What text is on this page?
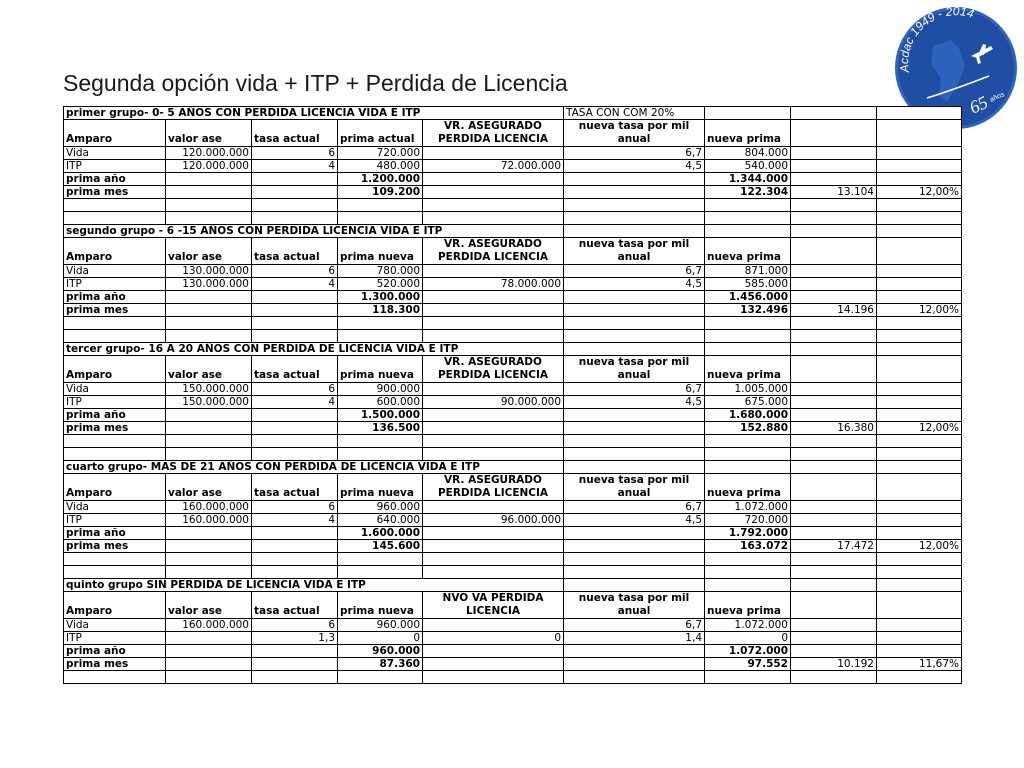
Segunda opción vida + ITP + Perdida de Licencia
Acdac 1949 - 2014
65
años
primer grupo- 0- 5 AÑOS CON PERDIDA LICENCIA VIDA E ITP					TASA CON COM 20%			
Amparo	valor ase	tasa actual	prima actual	VR. ASEGURADO PERDIDA LICENCIA	nueva tasa por mil anual	nueva prima		
Vida	120.000.000	6	720.000		6,7	804.000		
ITP	120.000.000	4	480.000	72.000.000	4,5	540.000		
prima año			1.200.000			1.344.000		
prima mes			109.200			122.304	13.104	12,00%

segundo grupo - 6 -15 AÑOS CON PERDIDA LICENCIA VIDA E ITP								
Amparo	valor ase	tasa actual	prima nueva	VR. ASEGURADO PERDIDA LICENCIA	nueva tasa por mil anual	nueva prima		
Vida	130.000.000	6	780.000		6,7	871.000		
ITP	130.000.000	4	520.000	78.000.000	4,5	585.000		
prima año			1.300.000			1.456.000		
prima mes			118.300			132.496	14.196	12,00%

tercer grupo- 16 A 20 AÑOS CON PERDIDA DE LICENCIA VIDA E ITP								
Amparo	valor ase	tasa actual	prima nueva	VR. ASEGURADO PERDIDA LICENCIA	nueva tasa por mil anual	nueva prima		
Vida	150.000.000	6	900.000		6,7	1.005.000		
ITP	150.000.000	4	600.000	90.000.000	4,5	675.000		
prima año			1.500.000			1.680.000		
prima mes			136.500			152.880	16.380	12,00%

cuarto grupo- MAS DE 21 AÑOS CON PERDIDA DE LICENCIA VIDA E ITP								
Amparo	valor ase	tasa actual	prima nueva	VR. ASEGURADO PERDIDA LICENCIA	nueva tasa por mil anual	nueva prima		
Vida	160.000.000	6	960.000		6,7	1.072.000		
ITP	160.000.000	4	640.000	96.000.000	4,5	720.000		
prima año			1.600.000			1.792.000		
prima mes			145.600			163.072	17.472	12,00%

quinto grupo SIN PERDIDA DE LICENCIA VIDA E ITP								
Amparo	valor ase	tasa actual	prima nueva	NVO VA PERDIDA LICENCIA	nueva tasa por mil anual	nueva prima		
Vida	160.000.000	6	960.000		6,7	1.072.000		
ITP		1,3	0	0	1,4	0		
prima año			960.000			1.072.000		
prima mes			87.360			97.552	10.192	11,67%
